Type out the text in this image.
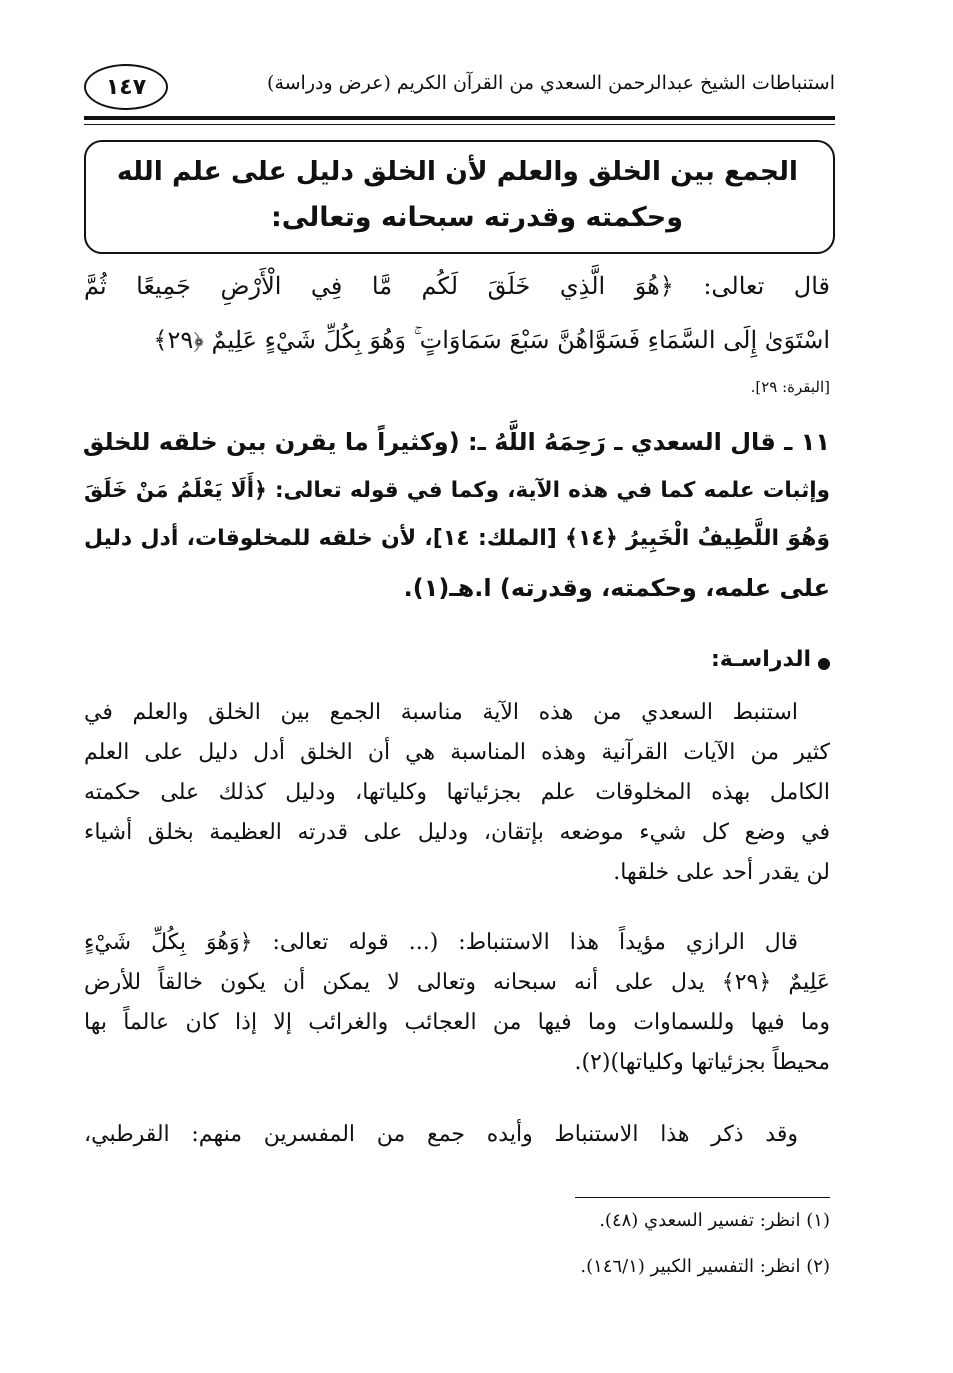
استنباطات الشيخ عبدالرحمن السعدي من القرآن الكريم (عرض ودراسة)
١٤٧
الجمع بين الخلق والعلم لأن الخلق دليل على علم الله
وحكمته وقدرته سبحانه وتعالى:
قال تعالى: ﴿هُوَ الَّذِي خَلَقَ لَكُم مَّا فِي الْأَرْضِ جَمِيعًا ثُمَّ
اسْتَوَىٰ إِلَى السَّمَاءِ فَسَوَّاهُنَّ سَبْعَ سَمَاوَاتٍ ۚ وَهُوَ بِكُلِّ شَيْءٍ عَلِيمٌ ﴿٢٩﴾
[البقرة: ٢٩].
١١ ـ قال السعدي ـ رَحِمَهُ اللَّهُ ـ: (وكثيراً ما يقرن بين خلقه للخلق
وإثبات علمه كما في هذه الآية، وكما في قوله تعالى: ﴿أَلَا يَعْلَمُ مَنْ خَلَقَ
وَهُوَ اللَّطِيفُ الْخَبِيرُ ﴿١٤﴾ [الملك: ١٤]، لأن خلقه للمخلوقات، أدل دليل
على علمه، وحكمته، وقدرته) ا.هـ(١).
الدراسـة:
استنبط السعدي من هذه الآية مناسبة الجمع بين الخلق والعلم في
كثير من الآيات القرآنية وهذه المناسبة هي أن الخلق أدل دليل على العلم
الكامل بهذه المخلوقات علم بجزئياتها وكلياتها، ودليل كذلك على حكمته
في وضع كل شيء موضعه بإتقان، ودليل على قدرته العظيمة بخلق أشياء
لن يقدر أحد على خلقها.
قال الرازي مؤيداً هذا الاستنباط: (... قوله تعالى: ﴿وَهُوَ بِكُلِّ شَيْءٍ
عَلِيمٌ ﴿٢٩﴾ يدل على أنه سبحانه وتعالى لا يمكن أن يكون خالقاً للأرض
وما فيها وللسماوات وما فيها من العجائب والغرائب إلا إذا كان عالماً بها
محيطاً بجزئياتها وكلياتها)(٢).
وقد ذكر هذا الاستنباط وأيده جمع من المفسرين منهم: القرطبي،
(١) انظر: تفسير السعدي (٤٨).
(٢) انظر: التفسير الكبير (١٤٦/١).
